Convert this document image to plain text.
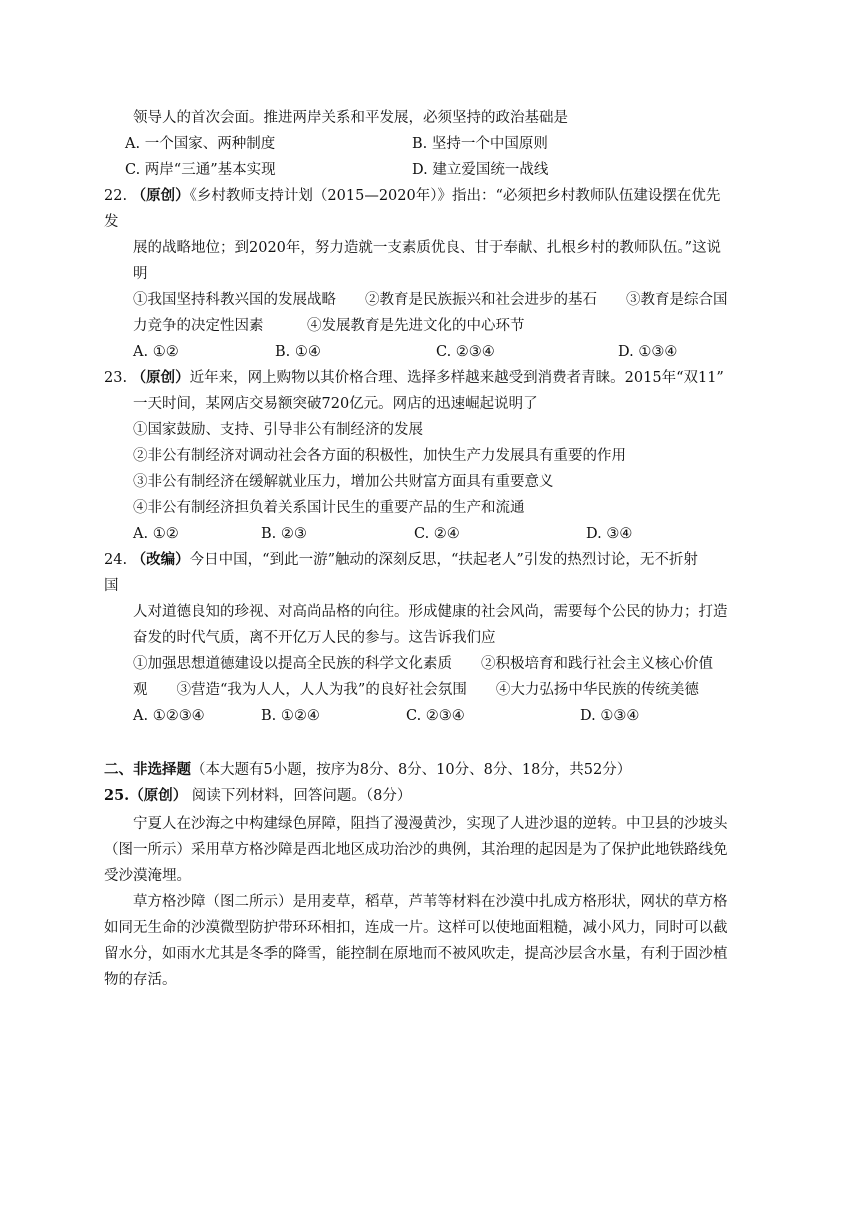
领导人的首次会面。推进两岸关系和平发展，必须坚持的政治基础是
A. 一个国家、两种制度	B. 坚持一个中国原则
C. 两岸“三通”基本实现	D. 建立爱国统一战线
22. （原创）《乡村教师支持计划（2015—2020年）》指出：“必须把乡村教师队伍建设摆在优先
发
展的战略地位；到2020年，努力造就一支素质优良、甘于奉献、扎根乡村的教师队伍。”这说
明
①我国坚持科教兴国的发展战略　　②教育是民族振兴和社会进步的基石　　③教育是综合国
力竞争的决定性因素　　　④发展教育是先进文化的中心环节
A. ①②	B. ①④	C. ②③④	D. ①③④
23. （原创）近年来，网上购物以其价格合理、选择多样越来越受到消费者青睐。2015年“双11”
一天时间，某网店交易额突破720亿元。网店的迅速崛起说明了
①国家鼓励、支持、引导非公有制经济的发展
②非公有制经济对调动社会各方面的积极性，加快生产力发展具有重要的作用
③非公有制经济在缓解就业压力，增加公共财富方面具有重要意义
④非公有制经济担负着关系国计民生的重要产品的生产和流通
A. ①②	B. ②③	C. ②④	D. ③④
24. （改编）今日中国，“到此一游”触动的深刻反思，“扶起老人”引发的热烈讨论，无不折射
国
人对道德良知的珍视、对高尚品格的向往。形成健康的社会风尚，需要每个公民的协力；打造
奋发的时代气质，离不开亿万人民的参与。这告诉我们应
①加强思想道德建设以提高全民族的科学文化素质　　②积极培育和践行社会主义核心价值
观　　③营造“我为人人，人人为我”的良好社会氛围　　④大力弘扬中华民族的传统美德
A. ①②③④	B. ①②④	C. ②③④	D. ①③④
二、非选择题（本大题有5小题，按序为8分、8分、10分、8分、18分，共52分）
25.（原创） 阅读下列材料，回答问题。（8分）
宁夏人在沙海之中构建绿色屏障，阻挡了漫漫黄沙，实现了人进沙退的逆转。中卫县的沙坡头
（图一所示）采用草方格沙障是西北地区成功治沙的典例，其治理的起因是为了保护此地铁路线免
受沙漠淹埋。
草方格沙障（图二所示）是用麦草，稻草，芦苇等材料在沙漠中扎成方格形状，网状的草方格
如同无生命的沙漠微型防护带环环相扣，连成一片。这样可以使地面粗糙，减小风力，同时可以截
留水分，如雨水尤其是冬季的降雪，能控制在原地而不被风吹走，提高沙层含水量，有利于固沙植
物的存活。
